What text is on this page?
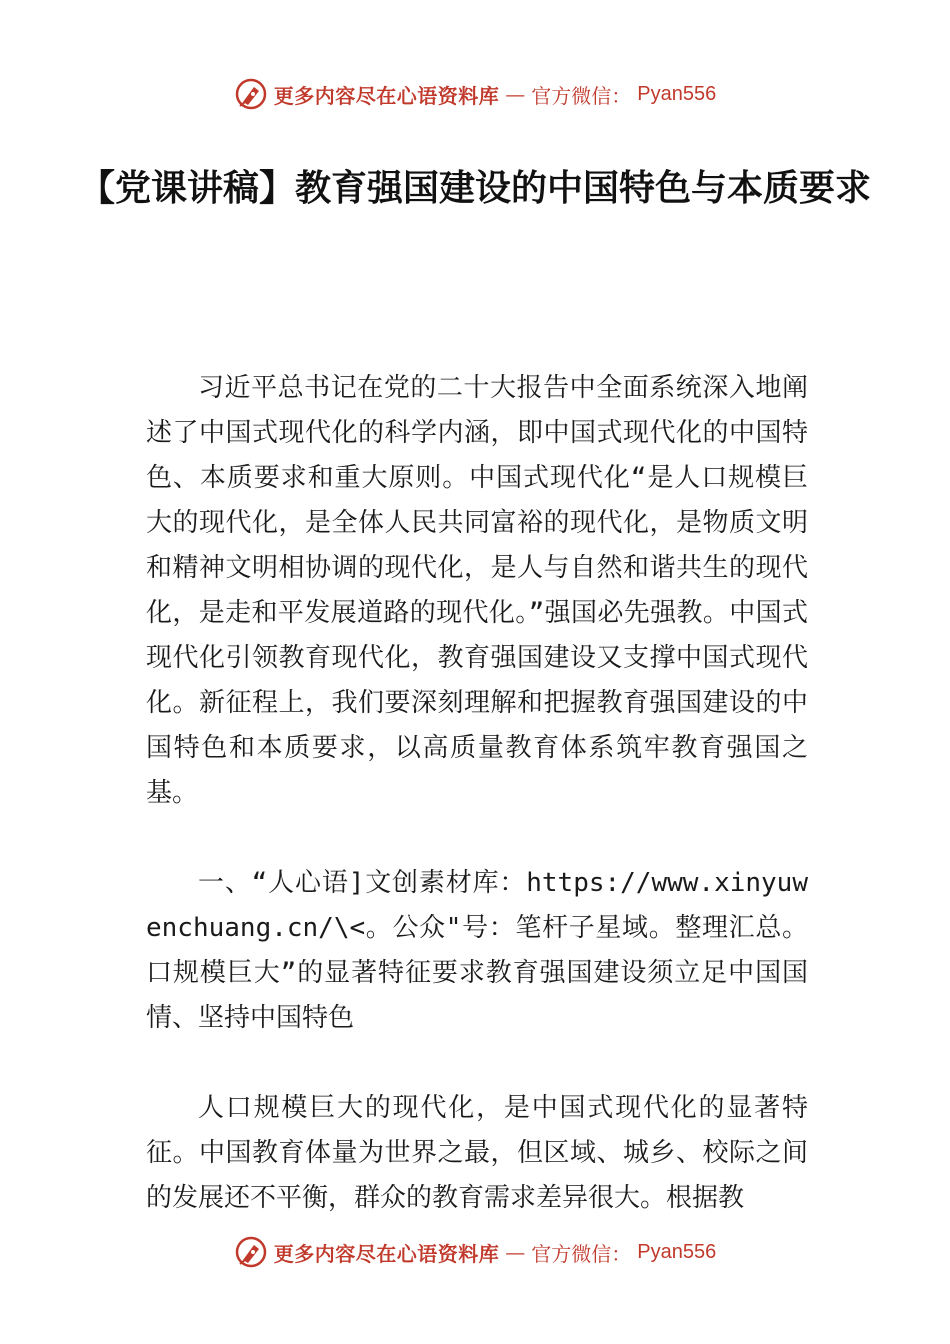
更多内容尽在心语资料库 — 官方微信： Pyan556
【党课讲稿】教育强国建设的中国特色与本质要求

习近平总书记在党的二十大报告中全面系统深入地阐述了中国式现代化的科学内涵，即中国式现代化的中国特色、本质要求和重大原则。中国式现代化“是人口规模巨大的现代化，是全体人民共同富裕的现代化，是物质文明和精神文明相协调的现代化，是人与自然和谐共生的现代化，是走和平发展道路的现代化。”强国必先强教。中国式现代化引领教育现代化，教育强国建设又支撑中国式现代化。新征程上，我们要深刻理解和把握教育强国建设的中国特色和本质要求，以高质量教育体系筑牢教育强国之基。

一、“人心语]文创素材库：https://www.xinyuwenchuang.cn/\<。公众"号：笔杆子星域。整理汇总。口规模巨大”的显著特征要求教育强国建设须立足中国国情、坚持中国特色

人口规模巨大的现代化，是中国式现代化的显著特征。中国教育体量为世界之最，但区域、城乡、校际之间的发展还不平衡，群众的教育需求差异很大。根据教

更多内容尽在心语资料库 — 官方微信： Pyan556
